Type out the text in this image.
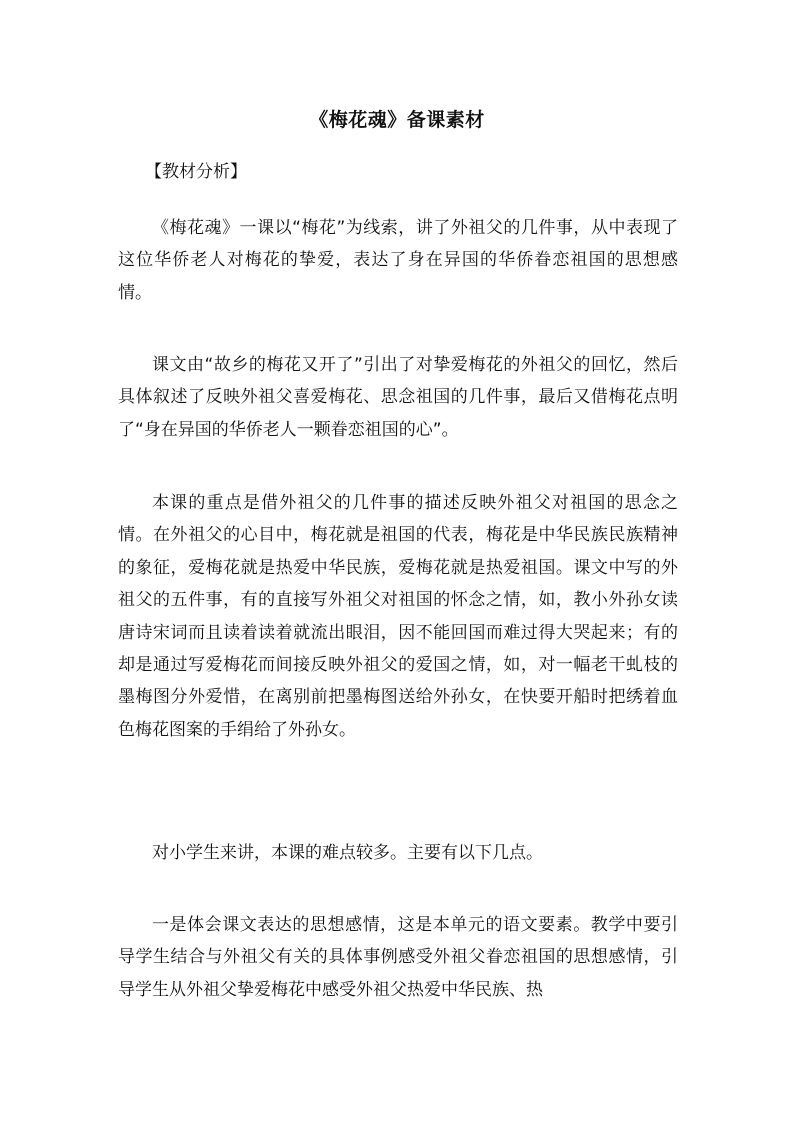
《梅花魂》备课素材
【教材分析】

《梅花魂》一课以“梅花”为线索，讲了外祖父的几件事，从中表现了这位华侨老人对梅花的挚爱，表达了身在异国的华侨眷恋祖国的思想感情。

课文由“故乡的梅花又开了”引出了对挚爱梅花的外祖父的回忆，然后具体叙述了反映外祖父喜爱梅花、思念祖国的几件事，最后又借梅花点明了“身在异国的华侨老人一颗眷恋祖国的心”。

本课的重点是借外祖父的几件事的描述反映外祖父对祖国的思念之情。在外祖父的心目中，梅花就是祖国的代表，梅花是中华民族民族精神的象征，爱梅花就是热爱中华民族，爱梅花就是热爱祖国。课文中写的外祖父的五件事，有的直接写外祖父对祖国的怀念之情，如，教小外孙女读唐诗宋词而且读着读着就流出眼泪，因不能回国而难过得大哭起来；有的却是通过写爱梅花而间接反映外祖父的爱国之情，如，对一幅老干虬枝的墨梅图分外爱惜，在离别前把墨梅图送给外孙女，在快要开船时把绣着血色梅花图案的手绢给了外孙女。

对小学生来讲，本课的难点较多。主要有以下几点。

一是体会课文表达的思想感情，这是本单元的语文要素。教学中要引导学生结合与外祖父有关的具体事例感受外祖父眷恋祖国的思想感情，引导学生从外祖父挚爱梅花中感受外祖父热爱中华民族、热
